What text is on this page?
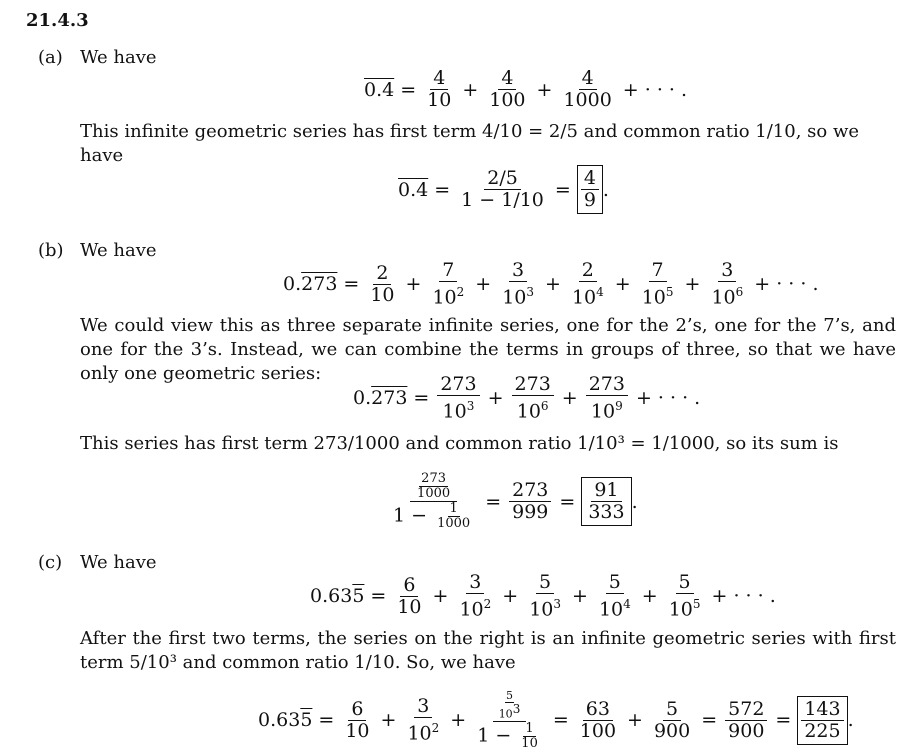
21.4.3
(a) We have
$0.4 = \frac{4}{10} + \frac{4}{100} + \frac{4}{1000}$ + · · · .
This infinite geometric series has first term 4/10 = 2/5 and common ratio 1/10, so we have
$0.4 = \frac{2/5}{1 - 1/10}$ =
4
9 .
(b) We have
$0.273 = \frac{2}{10} + \frac{7}{10^2} + \frac{3}{10^3} + \frac{2}{10^4} + \frac{7}{10^5} + \frac{3}{10^6}$ + · · · .
We could view this as three separate infinite series, one for the 2’s, one for the 7’s, and one for the 3’s. Instead, we can combine the terms in groups of three, so that we have only one geometric series:
$0.273 = \frac{273}{10^3} + \frac{273}{10^6} + \frac{273}{10^9}$ + · · · .
This series has first term 273/1000 and common ratio 1/10³ = 1/1000, so its sum is
$\frac{\frac{273}{1000}}{1 - \frac{1}{1000}} = \frac{273}{999}$ =
91
333 .
(c) We have
$0.635 = \frac{6}{10} + \frac{3}{10^2} + \frac{5}{10^3} + \frac{5}{10^4} + \frac{5}{10^5}$ + · · · .
After the first two terms, the series on the right is an infinite geometric series with first term 5/10³ and common ratio 1/10. So, we have
$0.635 = \frac{6}{10} + \frac{3}{10^2} + \frac{\frac{5}{10^3}}{1 - \frac{1}{10}} = \frac{63}{100} + \frac{5}{900} = \frac{572}{900}$ =
143
225 .
